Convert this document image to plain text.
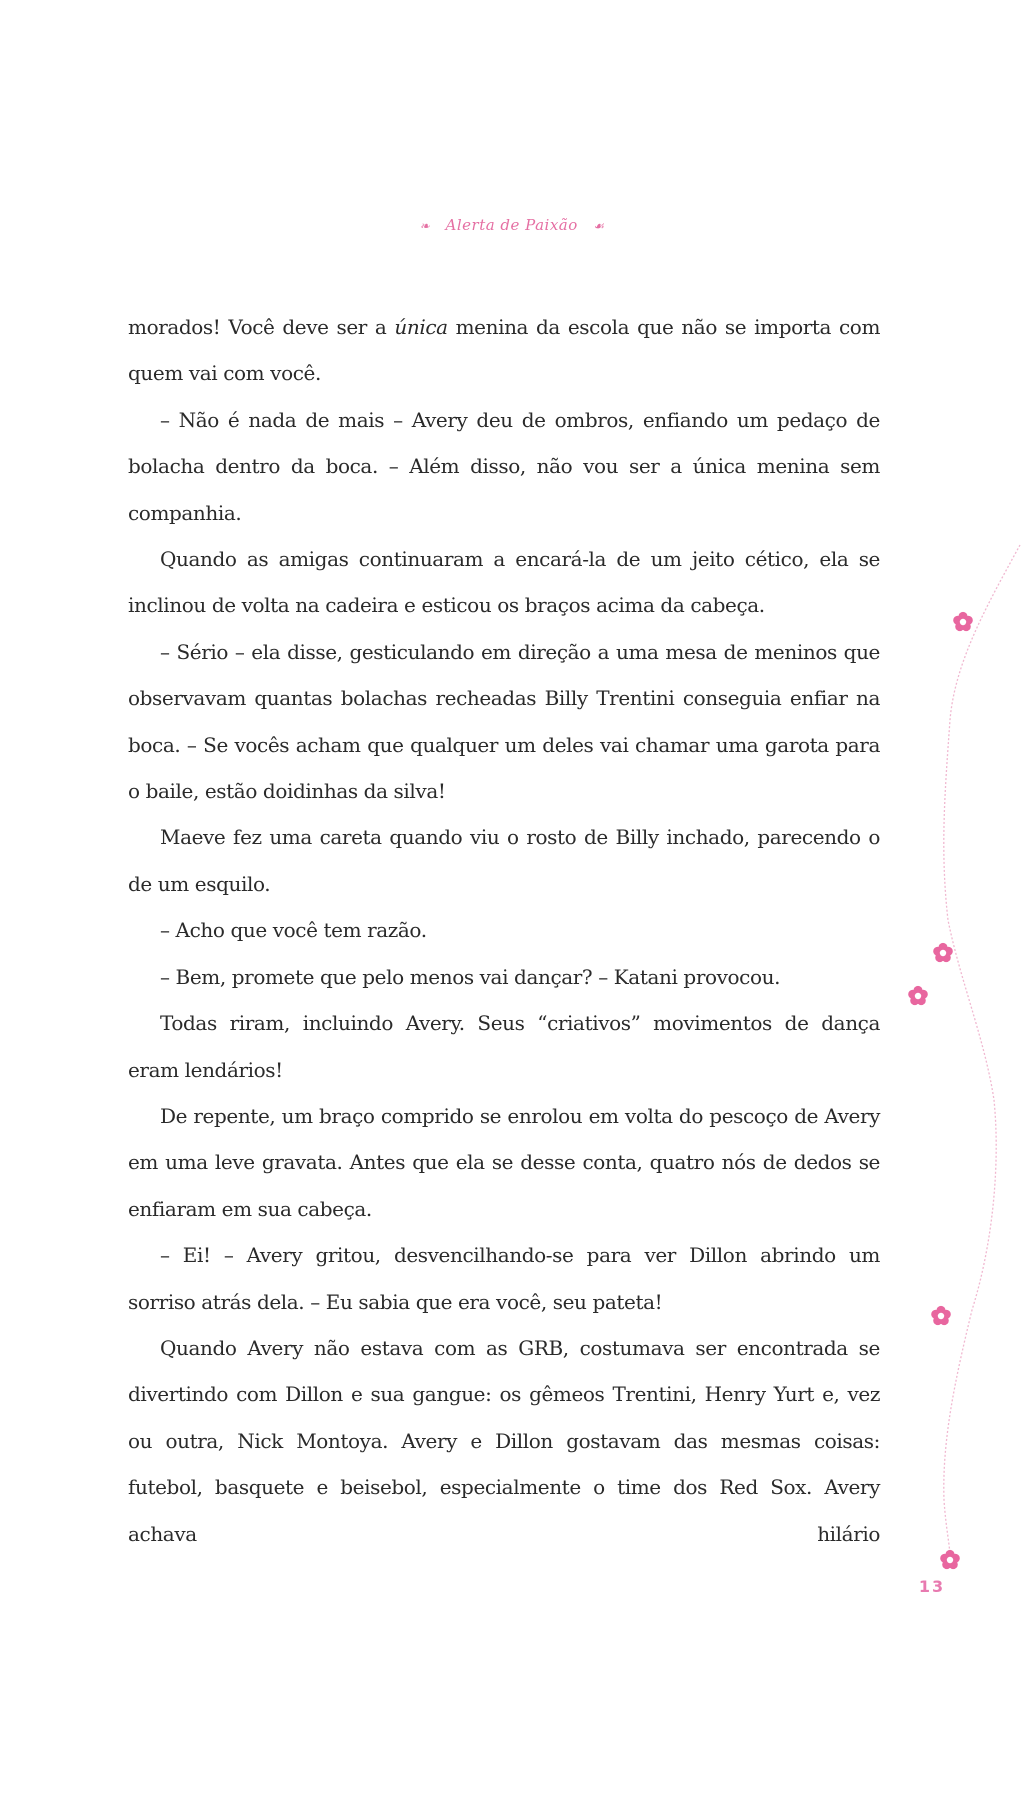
❧ Alerta de Paixão ☙

morados! Você deve ser a única menina da escola que não se importa com quem vai com você.

– Não é nada de mais – Avery deu de ombros, enfiando um pedaço de bolacha dentro da boca. – Além disso, não vou ser a única menina sem companhia.

Quando as amigas continuaram a encará-la de um jeito cético, ela se inclinou de volta na cadeira e esticou os braços acima da cabeça.

– Sério – ela disse, gesticulando em direção a uma mesa de meninos que observavam quantas bolachas recheadas Billy Trentini conseguia enfiar na boca. – Se vocês acham que qualquer um deles vai chamar uma garota para o baile, estão doidinhas da silva!

Maeve fez uma careta quando viu o rosto de Billy inchado, parecendo o de um esquilo.

– Acho que você tem razão.

– Bem, promete que pelo menos vai dançar? – Katani provocou.

Todas riram, incluindo Avery. Seus “criativos” movimentos de dança eram lendários!

De repente, um braço comprido se enrolou em volta do pescoço de Avery em uma leve gravata. Antes que ela se desse conta, quatro nós de dedos se enfiaram em sua cabeça.

– Ei! – Avery gritou, desvencilhando-se para ver Dillon abrindo um sorriso atrás dela. – Eu sabia que era você, seu pateta!

Quando Avery não estava com as GRB, costumava ser encontrada se divertindo com Dillon e sua gangue: os gêmeos Trentini, Henry Yurt e, vez ou outra, Nick Montoya. Avery e Dillon gostavam das mesmas coisas: futebol, basquete e beisebol, especialmente o time dos Red Sox. Avery achava hilário

13
